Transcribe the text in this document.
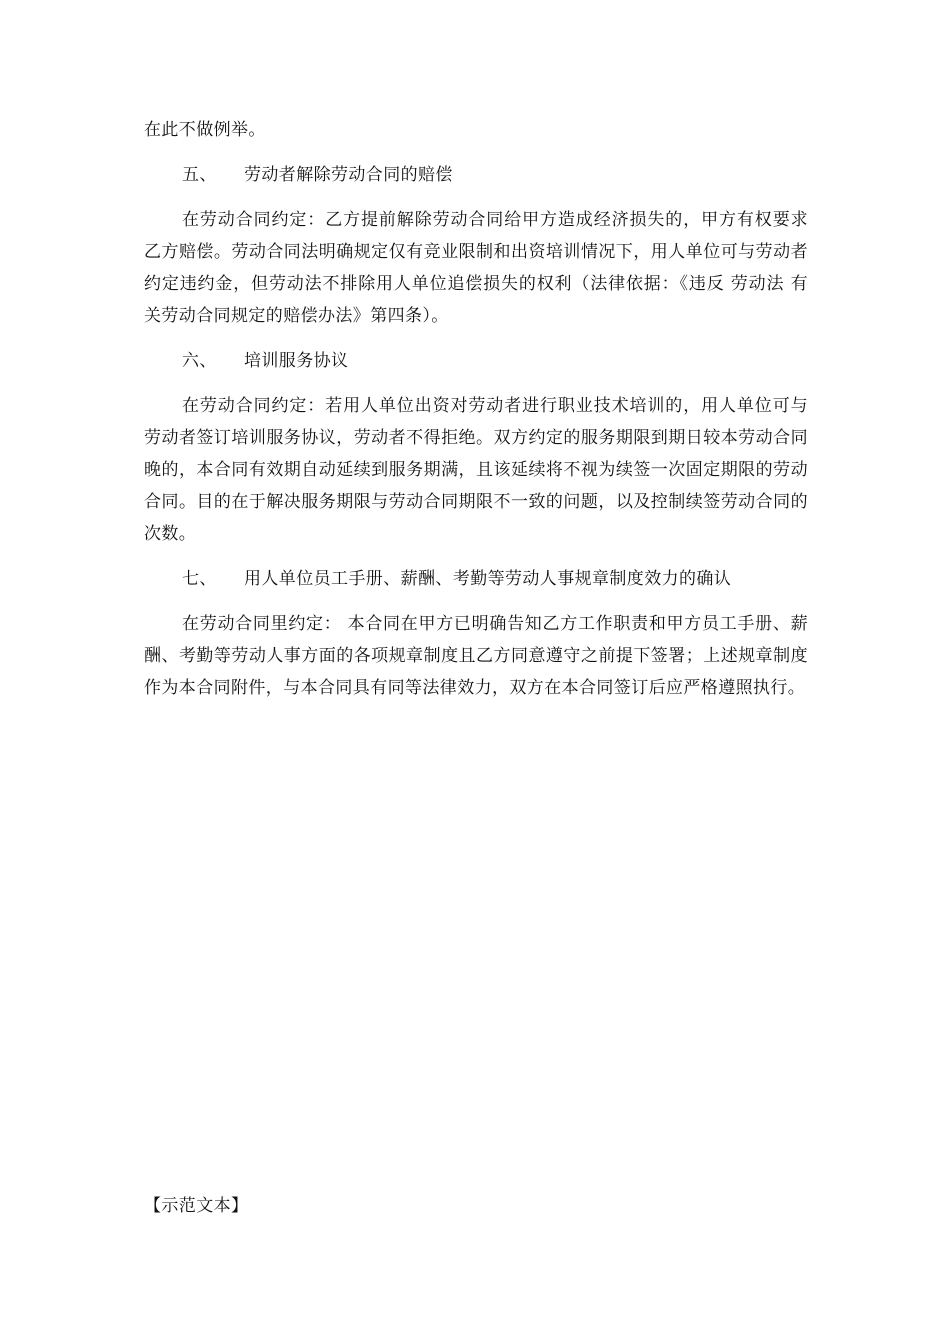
在此不做例举。

五、 劳动者解除劳动合同的赔偿

在劳动合同约定：乙方提前解除劳动合同给甲方造成经济损失的，甲方有权要求乙方赔偿。劳动合同法明确规定仅有竞业限制和出资培训情况下，用人单位可与劳动者约定违约金，但劳动法不排除用人单位追偿损失的权利（法律依据：《违反 劳动法 有关劳动合同规定的赔偿办法》第四条）。

六、 培训服务协议

在劳动合同约定：若用人单位出资对劳动者进行职业技术培训的，用人单位可与劳动者签订培训服务协议，劳动者不得拒绝。双方约定的服务期限到期日较本劳动合同晚的，本合同有效期自动延续到服务期满，且该延续将不视为续签一次固定期限的劳动合同。目的在于解决服务期限与劳动合同期限不一致的问题，以及控制续签劳动合同的次数。

七、 用人单位员工手册、薪酬、考勤等劳动人事规章制度效力的确认

在劳动合同里约定： 本合同在甲方已明确告知乙方工作职责和甲方员工手册、薪酬、考勤等劳动人事方面的各项规章制度且乙方同意遵守之前提下签署；上述规章制度作为本合同附件，与本合同具有同等法律效力，双方在本合同签订后应严格遵照执行。

【示范文本】
